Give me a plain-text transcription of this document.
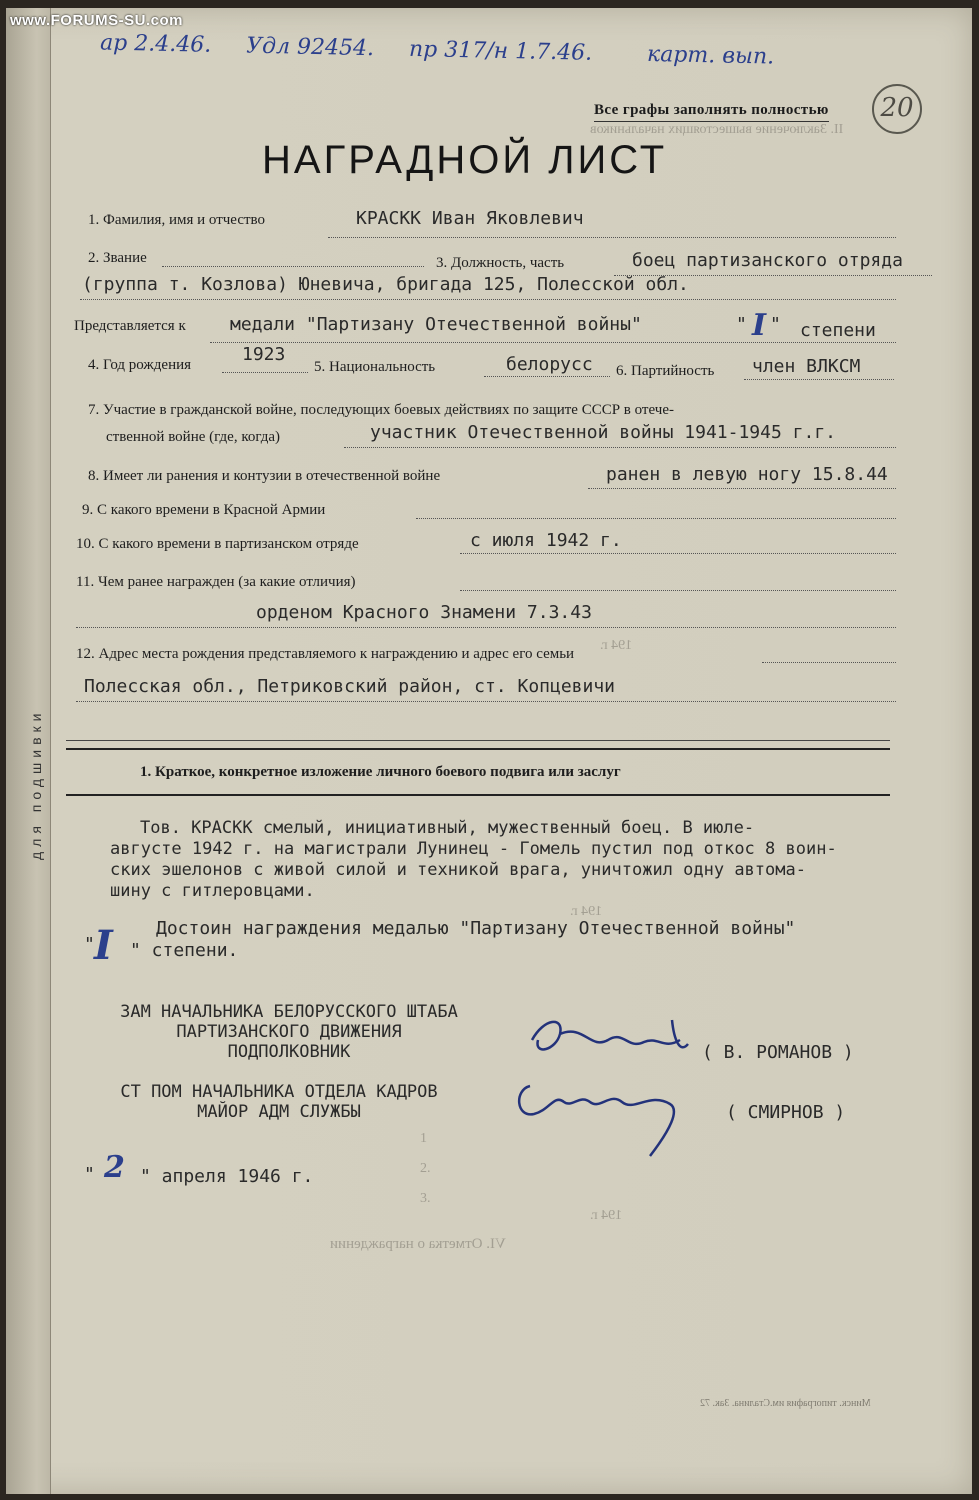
www.FORUMS-SU.com
ар 2.4.46. Удл 92454. пр 317/н 1.7.46. карт. вып.
Все графы заполнять полностью	20
II. Заключение вышестоящих начальников
НАГРАДНОЙ ЛИСТ
для подшивки
1. Фамилия, имя и отчество	КРАСКК Иван Яковлевич
2. Звание	3. Должность, часть	боец партизанского отряда
(группа т. Козлова) Юневича, бригада 125, Полесской обл.
Представляется к медали "Партизану Отечественной войны"	" I " степени
4. Год рождения	1923
5. Национальность	белорусс 6. Партийность член ВЛКСМ
7. Участие в гражданской войне, последующих боевых действиях по защите СССР в отече-
ственной войне (где, когда)	участник Отечественной войны 1941-1945 г.г.
8. Имеет ли ранения и контузии в отечественной войне	ранен в левую ногу 15.8.44
9. С какого времени в Красной Армии
10. С какого времени в партизанском отряде	с июля 1942 г.
11. Чем ранее награжден (за какие отличия)
орденом Красного Знамени 7.3.43
194 г.
12. Адрес места рождения представляемого к награждению и адрес его семьи
Полесская обл., Петриковский район, ст. Копцевичи
1. Краткое, конкретное изложение личного боевого подвига или заслуг
Тов. КРАСКК смелый, инициативный, мужественный боец. В июле-
августе 1942 г. на магистрали Лунинец - Гомель пустил под откос 8 воин-
ских эшелонов с живой силой и техникой врага, уничтожил одну автома-
шину с гитлеровцами.
Достоин награждения медалью "Партизану Отечественной войны"
" I " степени.
194 г.
ЗАМ НАЧАЛЬНИКА БЕЛОРУССКОГО ШТАБА
ПАРТИЗАНСКОГО ДВИЖЕНИЯ
ПОДПОЛКОВНИК	( В. РОМАНОВ )
СТ ПОМ НАЧАЛЬНИКА ОТДЕЛА КАДРОВ
МАЙОР АДМ СЛУЖБЫ	( СМИРНОВ )
1
2.
3.
" 2 " апреля 1946 г.
194 г.
VI. Отметка о награждении
Минск. типография им.Сталина. Зак. 72
